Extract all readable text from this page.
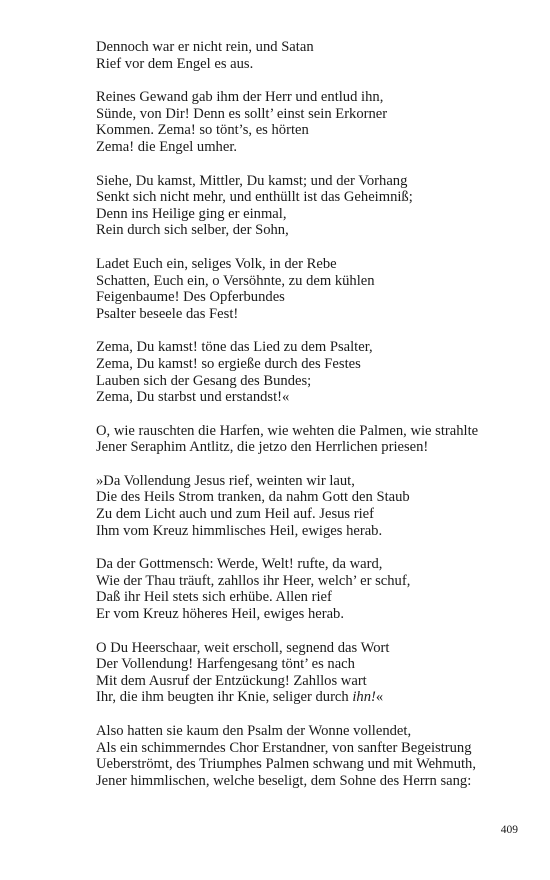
Dennoch war er nicht rein, und Satan
Rief vor dem Engel es aus.
Reines Gewand gab ihm der Herr und entlud ihn,
Sünde, von Dir! Denn es sollt’ einst sein Erkorner
Kommen. Zema! so tönt’s, es hörten
Zema! die Engel umher.
Siehe, Du kamst, Mittler, Du kamst; und der Vorhang
Senkt sich nicht mehr, und enthüllt ist das Geheimniß;
Denn ins Heilige ging er einmal,
Rein durch sich selber, der Sohn,
Ladet Euch ein, seliges Volk, in der Rebe
Schatten, Euch ein, o Versöhnte, zu dem kühlen
Feigenbaume! Des Opferbundes
Psalter beseele das Fest!
Zema, Du kamst! töne das Lied zu dem Psalter,
Zema, Du kamst! so ergieße durch des Festes
Lauben sich der Gesang des Bundes;
Zema, Du starbst und erstandst!«
O, wie rauschten die Harfen, wie wehten die Palmen, wie strahlte
Jener Seraphim Antlitz, die jetzo den Herrlichen priesen!
»Da Vollendung Jesus rief, weinten wir laut,
Die des Heils Strom tranken, da nahm Gott den Staub
Zu dem Licht auch und zum Heil auf. Jesus rief
Ihm vom Kreuz himmlisches Heil, ewiges herab.
Da der Gottmensch: Werde, Welt! rufte, da ward,
Wie der Thau träuft, zahllos ihr Heer, welch’ er schuf,
Daß ihr Heil stets sich erhübe. Allen rief
Er vom Kreuz höheres Heil, ewiges herab.
O Du Heerschaar, weit erscholl, segnend das Wort
Der Vollendung! Harfengesang tönt’ es nach
Mit dem Ausruf der Entzückung! Zahllos wart
Ihr, die ihm beugten ihr Knie, seliger durch ihn!«
Also hatten sie kaum den Psalm der Wonne vollendet,
Als ein schimmerndes Chor Erstandner, von sanfter Begeistrung
Ueberströmt, des Triumphes Palmen schwang und mit Wehmuth,
Jener himmlischen, welche beseligt, dem Sohne des Herrn sang:
409
